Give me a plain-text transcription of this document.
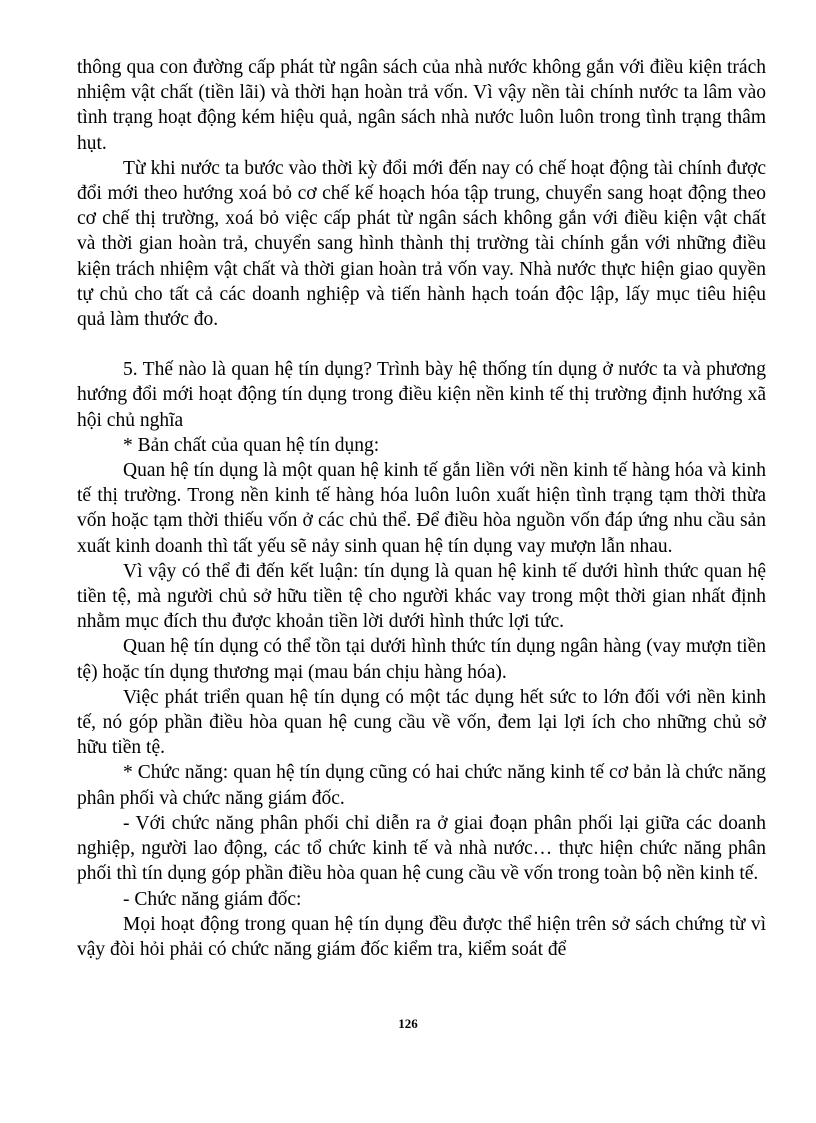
thông qua con đường cấp phát từ ngân sách của nhà nước không gắn với điều kiện trách nhiệm vật chất (tiền lãi) và thời hạn hoàn trả vốn. Vì vậy nền tài chính nước ta lâm vào tình trạng hoạt động kém hiệu quả, ngân sách nhà nước luôn luôn trong tình trạng thâm hụt.

Từ khi nước ta bước vào thời kỳ đổi mới đến nay có chế hoạt động tài chính được đổi mới theo hướng xoá bỏ cơ chế kế hoạch hóa tập trung, chuyển sang hoạt động theo cơ chế thị trường, xoá bỏ việc cấp phát từ ngân sách không gắn với điều kiện vật chất và thời gian hoàn trả, chuyển sang hình thành thị trường tài chính gắn với những điều kiện trách nhiệm vật chất và thời gian hoàn trả vốn vay. Nhà nước thực hiện giao quyền tự chủ cho tất cả các doanh nghiệp và tiến hành hạch toán độc lập, lấy mục tiêu hiệu quả làm thước đo.

5. Thế nào là quan hệ tín dụng? Trình bày hệ thống tín dụng ở nước ta và phương hướng đổi mới hoạt động tín dụng trong điều kiện nền kinh tế thị trường định hướng xã hội chủ nghĩa

* Bản chất của quan hệ tín dụng:

Quan hệ tín dụng là một quan hệ kinh tế gắn liền với nền kinh tế hàng hóa và kinh tế thị trường. Trong nền kinh tế hàng hóa luôn luôn xuất hiện tình trạng tạm thời thừa vốn hoặc tạm thời thiếu vốn ở các chủ thể. Để điều hòa nguồn vốn đáp ứng nhu cầu sản xuất kinh doanh thì tất yếu sẽ nảy sinh quan hệ tín dụng vay mượn lẫn nhau.

Vì vậy có thể đi đến kết luận: tín dụng là quan hệ kinh tế dưới hình thức quan hệ tiền tệ, mà người chủ sở hữu tiền tệ cho người khác vay trong một thời gian nhất định nhằm mục đích thu được khoản tiền lời dưới hình thức lợi tức.

Quan hệ tín dụng có thể tồn tại dưới hình thức tín dụng ngân hàng (vay mượn tiền tệ) hoặc tín dụng thương mại (mau bán chịu hàng hóa).

Việc phát triển quan hệ tín dụng có một tác dụng hết sức to lớn đối với nền kinh tế, nó góp phần điều hòa quan hệ cung cầu về vốn, đem lại lợi ích cho những chủ sở hữu tiền tệ.

* Chức năng: quan hệ tín dụng cũng có hai chức năng kinh tế cơ bản là chức năng phân phối và chức năng giám đốc.

- Với chức năng phân phối chỉ diễn ra ở giai đoạn phân phối lại giữa các doanh nghiệp, người lao động, các tổ chức kinh tế và nhà nước… thực hiện chức năng phân phối thì tín dụng góp phần điều hòa quan hệ cung cầu về vốn trong toàn bộ nền kinh tế.

- Chức năng giám đốc:

Mọi hoạt động trong quan hệ tín dụng đều được thể hiện trên sở sách chứng từ vì vậy đòi hỏi phải có chức năng giám đốc kiểm tra, kiểm soát để

126
